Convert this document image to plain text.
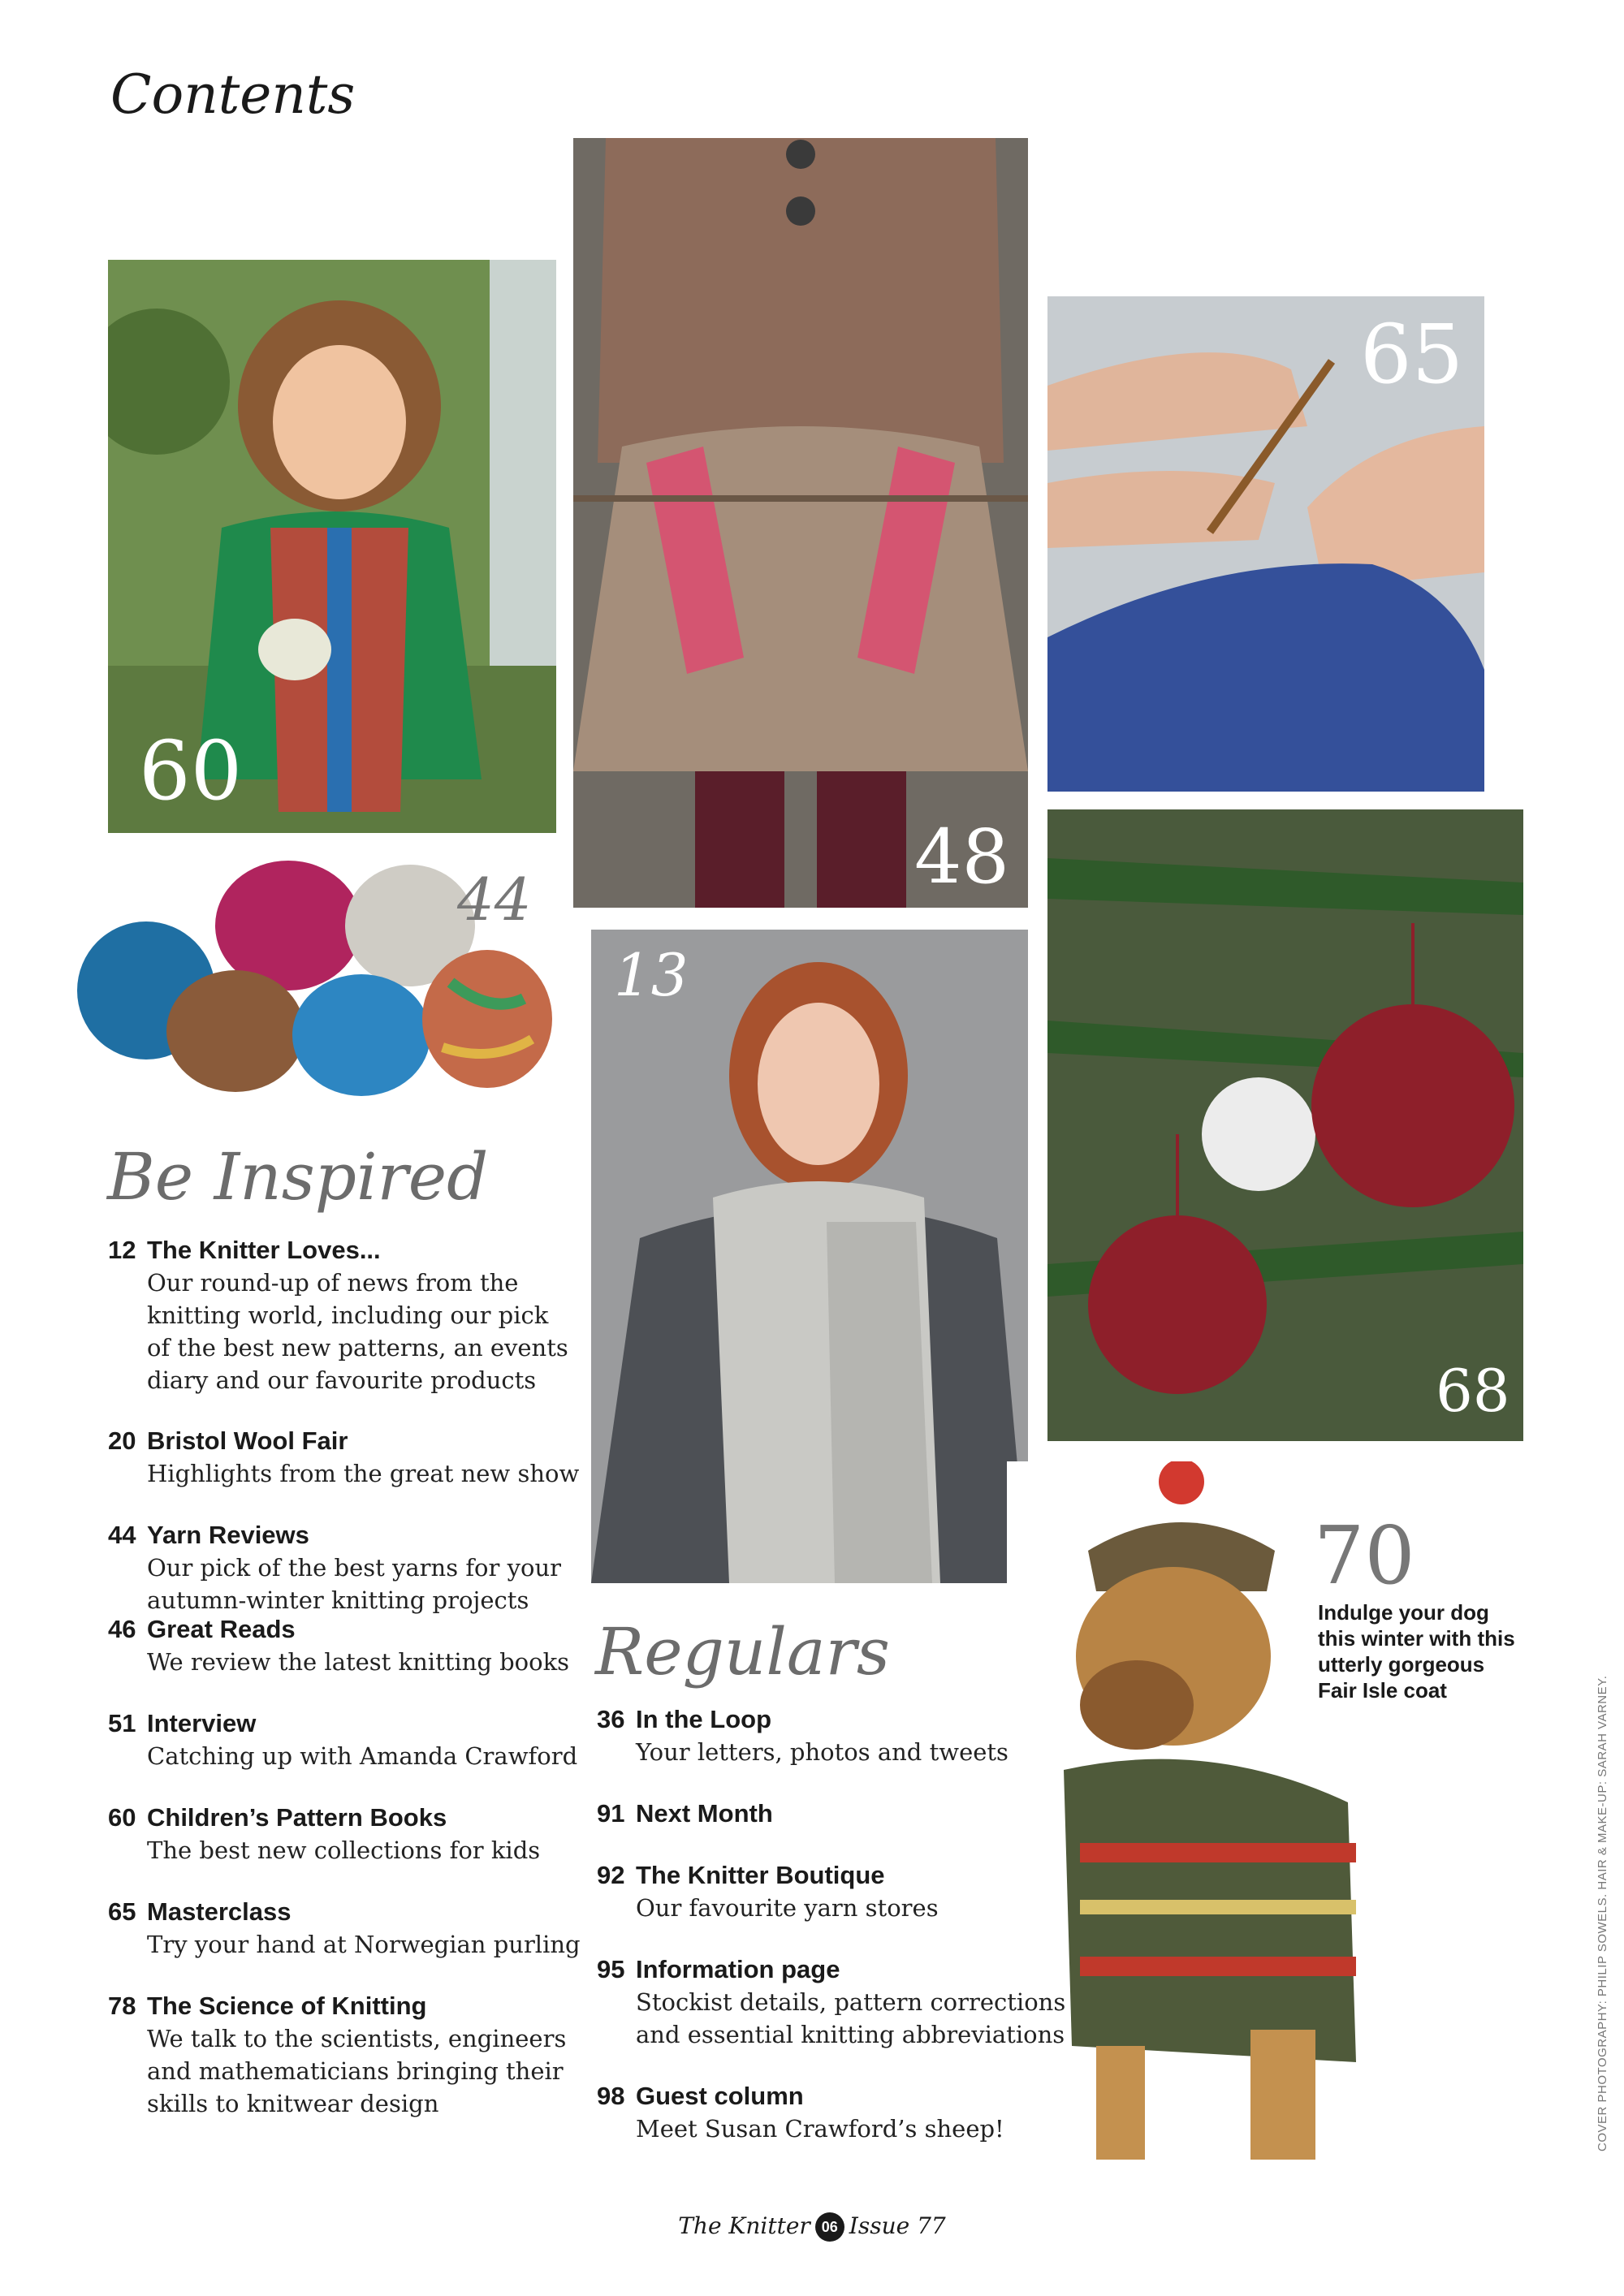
Contents
60
44	48
65
13
68
70
Indulge your dog
this winter with this
utterly gorgeous
Fair Isle coat
Be Inspired
12 The Knitter Loves...
Our round-up of news from the
knitting world, including our pick
of the best new patterns, an events
diary and our favourite products
20 Bristol Wool Fair
Highlights from the great new show
44 Yarn Reviews
Our pick of the best yarns for your
autumn-winter knitting projects
46 Great Reads
We review the latest knitting books
51 Interview
Catching up with Amanda Crawford
60 Children’s Pattern Books
The best new collections for kids
65 Masterclass
Try your hand at Norwegian purling
78 The Science of Knitting
We talk to the scientists, engineers
and mathematicians bringing their
skills to knitwear design
Regulars
36 In the Loop
Your letters, photos and tweets
91 Next Month
92 The Knitter Boutique
Our favourite yarn stores
95 Information page
Stockist details, pattern corrections
and essential knitting abbreviations
98 Guest column
Meet Susan Crawford’s sheep!	COVER PHOTOGRAPHY: PHILIP SOWELS. HAIR & MAKE-UP: SARAH VARNEY.
The Knitter 06 Issue 77
